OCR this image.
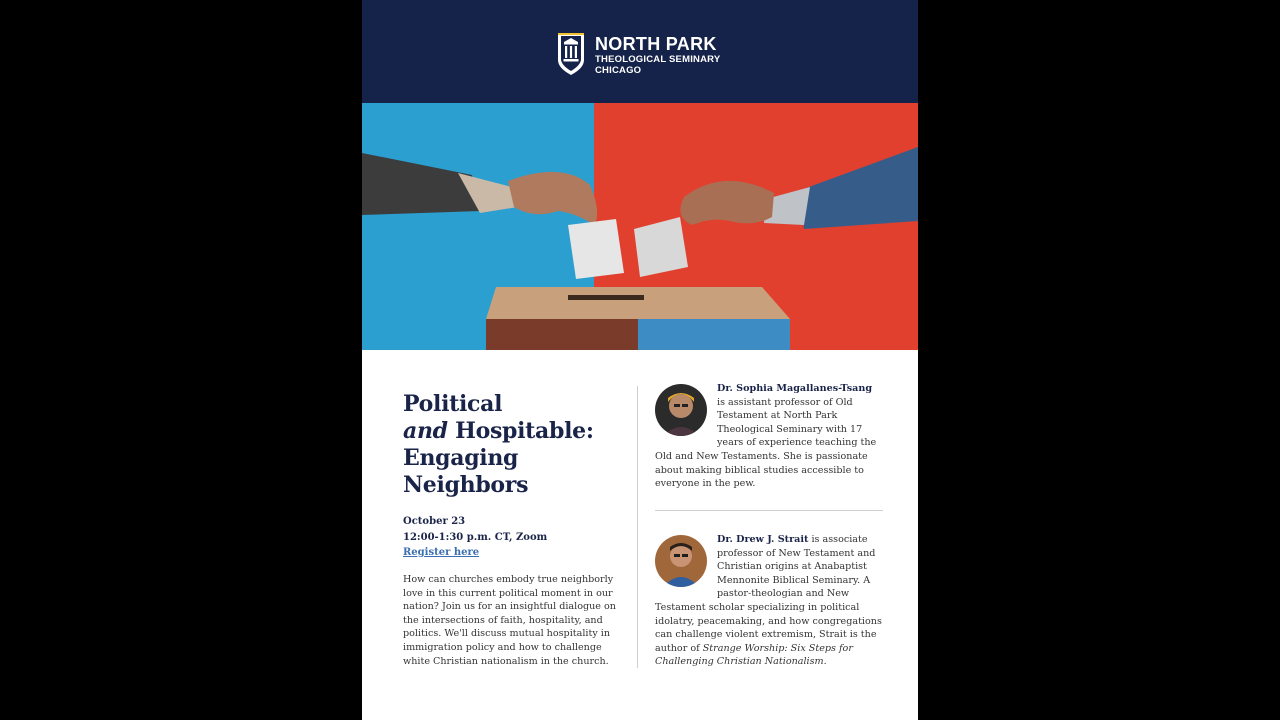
NORTH PARK
THEOLOGICAL SEMINARY
CHICAGO
Political
and Hospitable:
Engaging
Neighbors
October 23
12:00-1:30 p.m. CT, Zoom
Register here

How can churches embody true neighborly love in this current political moment in our nation? Join us for an insightful dialogue on the intersections of faith, hospitality, and politics. We'll discuss mutual hospitality in immigration policy and how to challenge white Christian nationalism in the church.

Dr. Sophia Magallanes-Tsang is assistant professor of Old Testament at North Park Theological Seminary with 17 years of experience teaching the Old and New Testaments. She is passionate about making biblical studies accessible to everyone in the pew.

Dr. Drew J. Strait is associate professor of New Testament and Christian origins at Anabaptist Mennonite Biblical Seminary. A pastor-theologian and New Testament scholar specializing in political idolatry, peacemaking, and how congregations can challenge violent extremism, Strait is the author of Strange Worship: Six Steps for Challenging Christian Nationalism.
